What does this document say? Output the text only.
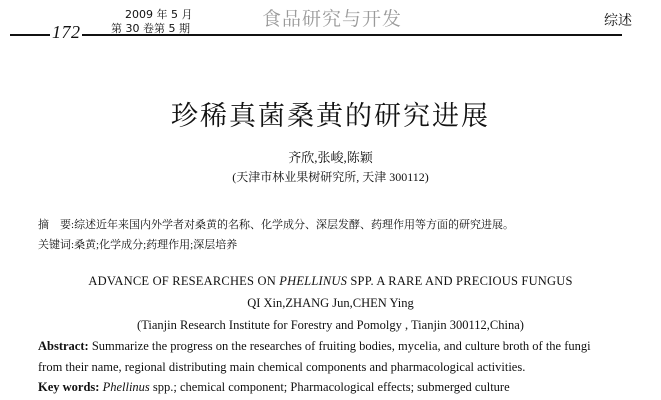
172
2009 年 5 月
第 30 卷第 5 期	食品研究与开发	综述
珍稀真菌桑黄的研究进展
齐欣,张峻,陈颖
(天津市林业果树研究所, 天津 300112)
摘　要:综述近年来国内外学者对桑黄的名称、化学成分、深层发酵、药理作用等方面的研究进展。
关键词:桑黄;化学成分;药理作用;深层培养
ADVANCE OF RESEARCHES ON PHELLINUS SPP. A RARE AND PRECIOUS FUNGUS
QI Xin,ZHANG Jun,CHEN Ying
(Tianjin Research Institute for Forestry and Pomolgy , Tianjin 300112,China)
Abstract: Summarize the progress on the researches of fruiting bodies, mycelia, and culture broth of the fungi
from their name, regional distributing main chemical components and pharmacological activities.
Key words: Phellinus spp.; chemical component; Pharmacological effects; submerged culture
